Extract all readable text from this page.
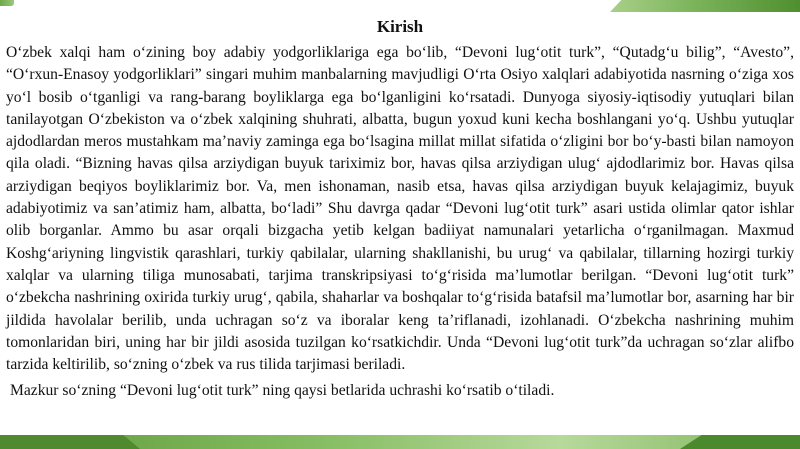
Kirish

O‘zbek xalqi ham o‘zining boy adabiy yodgorliklariga ega bo‘lib, “Devoni lug‘otit turk”, “Qutadg‘u bilig”, “Avesto”, “O‘rxun-Enasoy yodgorliklari” singari muhim manbalarning mavjudligi O‘rta Osiyo xalqlari adabiyotida nasrning o‘ziga xos yo‘l bosib o‘tganligi va rang-barang boyliklarga ega bo‘lganligini ko‘rsatadi. Dunyoga siyosiy-iqtisodiy yutuqlari bilan tanilayotgan O‘zbekiston va o‘zbek xalqining shuhrati, albatta, bugun yoxud kuni kecha boshlangani yo‘q. Ushbu yutuqlar ajdodlardan meros mustahkam ma’naviy zaminga ega bo‘lsagina millat millat sifatida o‘zligini bor bo‘y-basti bilan namoyon qila oladi. “Bizning havas qilsa arziydigan buyuk tariximiz bor, havas qilsa arziydigan ulug‘ ajdodlarimiz bor. Havas qilsa arziydigan beqiyos boyliklarimiz bor. Va, men ishonaman, nasib etsa, havas qilsa arziydigan buyuk kelajagimiz, buyuk adabiyotimiz va san’atimiz ham, albatta, bo‘ladi” Shu davrga qadar “Devoni lug‘otit turk” asari ustida olimlar qator ishlar olib borganlar. Ammo bu asar orqali bizgacha yetib kelgan badiiyat namunalari yetarlicha o‘rganilmagan. Maxmud Koshg‘ariyning lingvistik qarashlari, turkiy qabilalar, ularning shakllanishi, bu urug‘ va qabilalar, tillarning hozirgi turkiy xalqlar va ularning tiliga munosabati, tarjima transkripsiyasi to‘g‘risida ma’lumotlar berilgan. “Devoni lug‘otit turk” o‘zbekcha nashrining oxirida turkiy urug‘, qabila, shaharlar va boshqalar to‘g‘risida batafsil ma’lumotlar bor, asarning har bir jildida havolalar berilib, unda uchragan so‘z va iboralar keng ta’riflanadi, izohlanadi. O‘zbekcha nashrining muhim tomonlaridan biri, uning har bir jildi asosida tuzilgan ko‘rsatkichdir. Unda “Devoni lug‘otit turk”da uchragan so‘zlar alifbo tarzida keltirilib, so‘zning o‘zbek va rus tilida tarjimasi beriladi.

Mazkur so‘zning “Devoni lug‘otit turk” ning qaysi betlarida uchrashi ko‘rsatib o‘tiladi.
